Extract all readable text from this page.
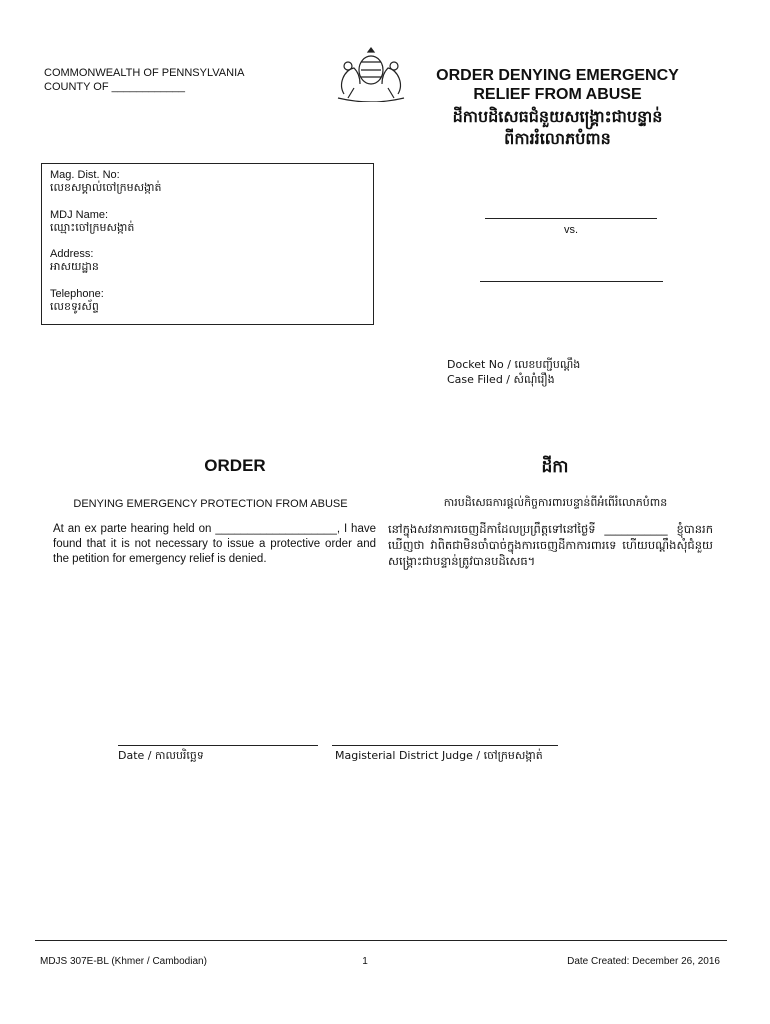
COMMONWEALTH OF PENNSYLVANIA
COUNTY OF ____________
ORDER DENYING EMERGENCY
RELIEF FROM ABUSE
ដីកាបដិសេធជំនួយសង្គ្រោះជាបន្ទាន់
ពីការរំលោភបំពាន
Mag. Dist. No:
លេខសម្គាល់ចៅក្រមសង្កាត់
MDJ Name:
ឈ្មោះចៅក្រមសង្កាត់
Address:
អាសយដ្ឋាន
Telephone:
លេខទូរស័ព្ទ
vs.
Docket No / លេខបញ្ជីបណ្តឹង
Case Filed / សំណុំរឿង
ORDER	ដីកា
DENYING EMERGENCY PROTECTION FROM ABUSE	ការបដិសេធការផ្តល់កិច្ចការពារបន្ទាន់ពីអំពើរំលោភបំពាន
At an ex parte hearing held on ___________________, I have found that it is not necessary to issue a protective order and the petition for emergency relief is denied.
នៅក្នុងសវនាការចេញដីកាដែលប្រព្រឹត្តទៅនៅថ្ងៃទី ___________ ខ្ញុំបានរកឃើញថា វាពិតជាមិនចាំបាច់ក្នុងការចេញដីកាការពារទេ ហើយបណ្តឹងសុំជំនួយសង្គ្រោះជាបន្ទាន់ត្រូវបានបដិសេធ។
Date / កាលបរិច្ឆេទ	Magisterial District Judge / ចៅក្រមសង្កាត់
MDJS 307E-BL (Khmer / Cambodian)	1	Date Created: December 26, 2016
